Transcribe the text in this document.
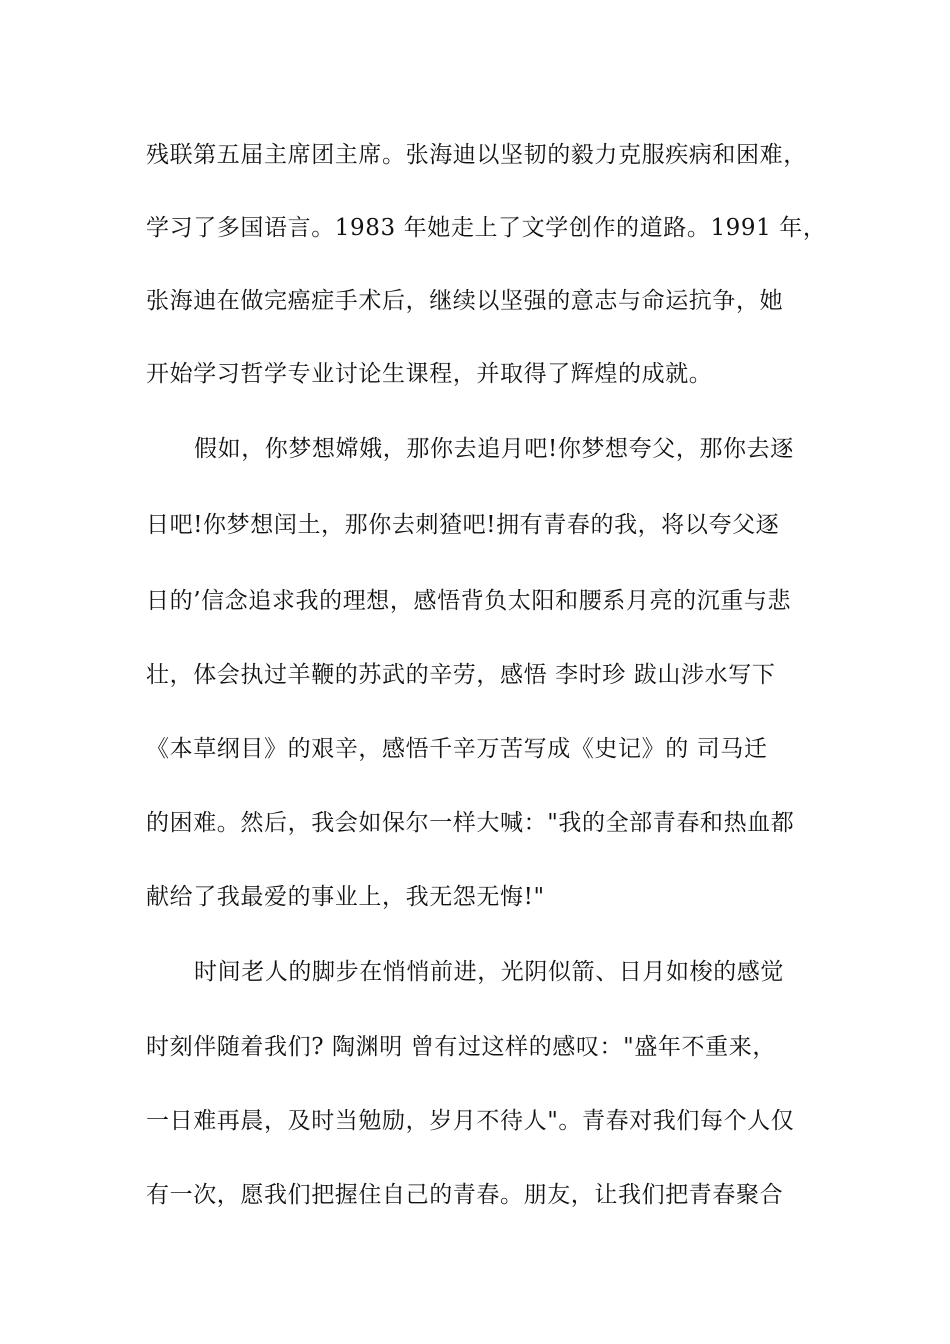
残联第五届主席团主席。张海迪以坚韧的毅力克服疾病和困难，
学习了多国语言。1983 年她走上了文学创作的道路。1991 年，
张海迪在做完癌症手术后，继续以坚强的意志与命运抗争，她
开始学习哲学专业讨论生课程，并取得了辉煌的成就。
假如，你梦想嫦娥，那你去追月吧!你梦想夸父，那你去逐
日吧!你梦想闰土，那你去刺猹吧!拥有青春的我，将以夸父逐
日的’信念追求我的理想，感悟背负太阳和腰系月亮的沉重与悲
壮，体会执过羊鞭的苏武的辛劳，感悟 李时珍 跋山涉水写下
《本草纲目》的艰辛，感悟千辛万苦写成《史记》的 司马迁
的困难。然后，我会如保尔一样大喊："我的全部青春和热血都
献给了我最爱的事业上，我无怨无悔!"
时间老人的脚步在悄悄前进，光阴似箭、日月如梭的感觉
时刻伴随着我们? 陶渊明 曾有过这样的感叹："盛年不重来，
一日难再晨，及时当勉励，岁月不待人"。青春对我们每个人仅
有一次，愿我们把握住自己的青春。朋友，让我们把青春聚合
